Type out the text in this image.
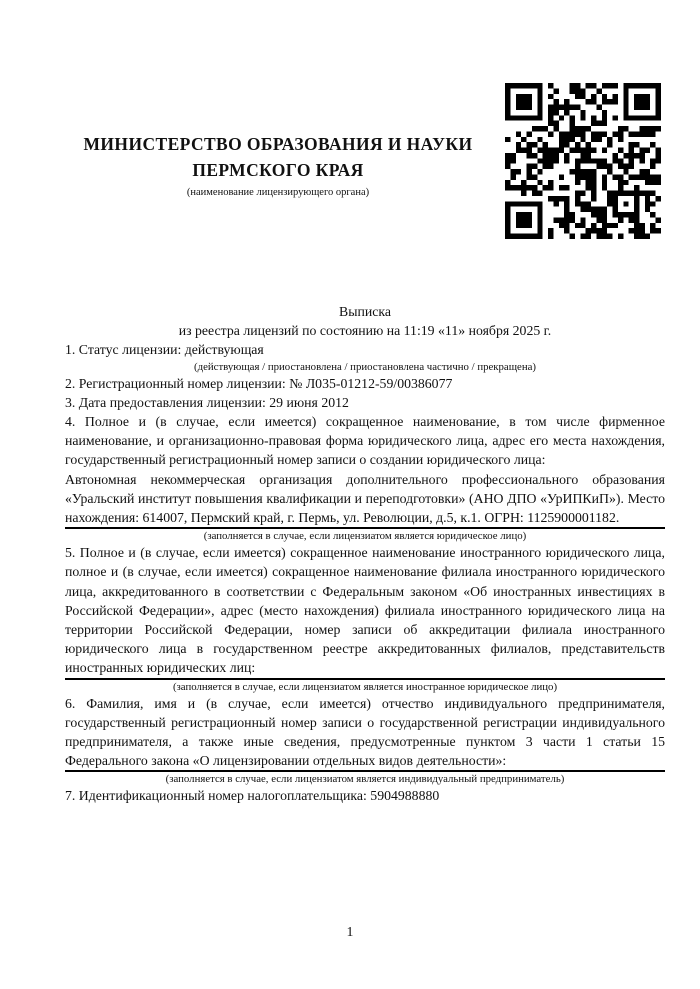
МИНИСТЕРСТВО ОБРАЗОВАНИЯ И НАУКИ
ПЕРМСКОГО КРАЯ
(наименование лицензирующего органа)
Выписка
из реестра лицензий по состоянию на 11:19 «11» ноября 2025 г.

1. Статус лицензии: действующая

(действующая / приостановлена / приостановлена частично / прекращена)

2. Регистрационный номер лицензии: № Л035-01212-59/00386077

3. Дата предоставления лицензии: 29 июня 2012

4. Полное и (в случае, если имеется) сокращенное наименование, в том числе фирменное наименование, и организационно-правовая форма юридического лица, адрес его места нахождения, государственный регистрационный номер записи о создании юридического лица:
Автономная некоммерческая организация дополнительного профессионального образования «Уральский институт повышения квалификации и переподготовки» (АНО ДПО «УрИПКиП»). Место нахождения: 614007, Пермский край, г. Пермь, ул. Революции, д.5, к.1. ОГРН: 1125900001182.
(заполняется в случае, если лицензиатом является юридическое лицо)
5. Полное и (в случае, если имеется) сокращенное наименование иностранного юридического лица, полное и (в случае, если имеется) сокращенное наименование филиала иностранного юридического лица, аккредитованного в соответствии с Федеральным законом «Об иностранных инвестициях в Российской Федерации», адрес (место нахождения) филиала иностранного юридического лица на территории Российской Федерации, номер записи об аккредитации филиала иностранного юридического лица в государственном реестре аккредитованных филиалов, представительств иностранных юридических лиц:
(заполняется в случае, если лицензиатом является иностранное юридическое лицо)
6. Фамилия, имя и (в случае, если имеется) отчество индивидуального предпринимателя, государственный регистрационный номер записи о государственной регистрации индивидуального предпринимателя, а также иные сведения, предусмотренные пунктом 3 части 1 статьи 15 Федерального закона «О лицензировании отдельных видов деятельности»:
(заполняется в случае, если лицензиатом является индивидуальный предприниматель)

7. Идентификационный номер налогоплательщика: 5904988880

1
